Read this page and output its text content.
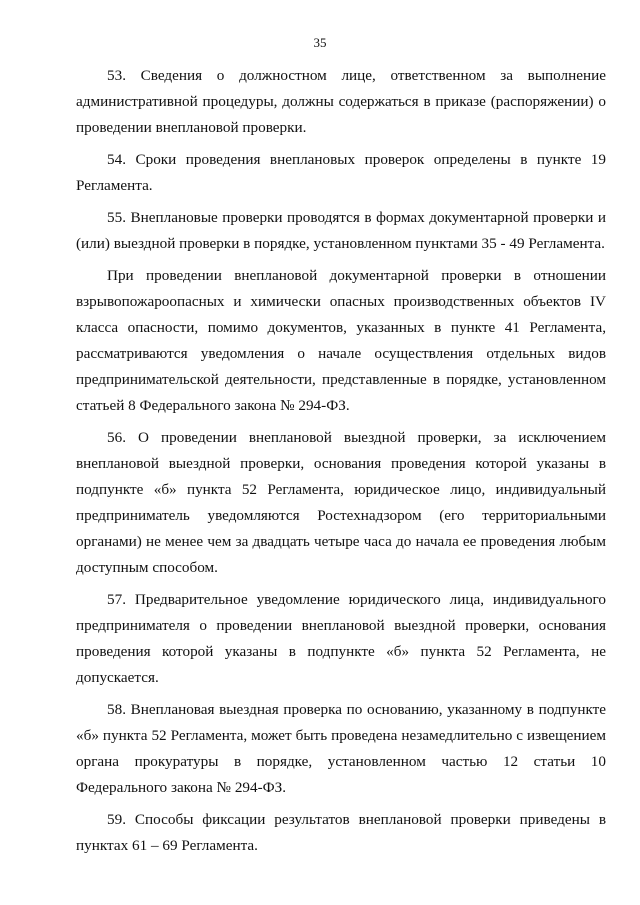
35

53. Сведения о должностном лице, ответственном за выполнение административной процедуры, должны содержаться в приказе (распоряжении) о проведении внеплановой проверки.

54. Сроки проведения внеплановых проверок определены в пункте 19 Регламента.

55. Внеплановые проверки проводятся в формах документарной проверки и (или) выездной проверки в порядке, установленном пунктами 35 - 49 Регламента.

При проведении внеплановой документарной проверки в отношении взрывопожароопасных и химически опасных производственных объектов IV класса опасности, помимо документов, указанных в пункте 41 Регламента, рассматриваются уведомления о начале осуществления отдельных видов предпринимательской деятельности, представленные в порядке, установленном статьей 8 Федерального закона № 294-ФЗ.

56. О проведении внеплановой выездной проверки, за исключением внеплановой выездной проверки, основания проведения которой указаны в подпункте «б» пункта 52 Регламента, юридическое лицо, индивидуальный предприниматель уведомляются Ростехнадзором (его территориальными органами) не менее чем за двадцать четыре часа до начала ее проведения любым доступным способом.

57. Предварительное уведомление юридического лица, индивидуального предпринимателя о проведении внеплановой выездной проверки, основания проведения которой указаны в подпункте «б» пункта 52 Регламента, не допускается.

58. Внеплановая выездная проверка по основанию, указанному в подпункте «б» пункта 52 Регламента, может быть проведена незамедлительно с извещением органа прокуратуры в порядке, установленном частью 12 статьи 10 Федерального закона № 294-ФЗ.

59. Способы фиксации результатов внеплановой проверки приведены в пунктах 61 – 69 Регламента.
